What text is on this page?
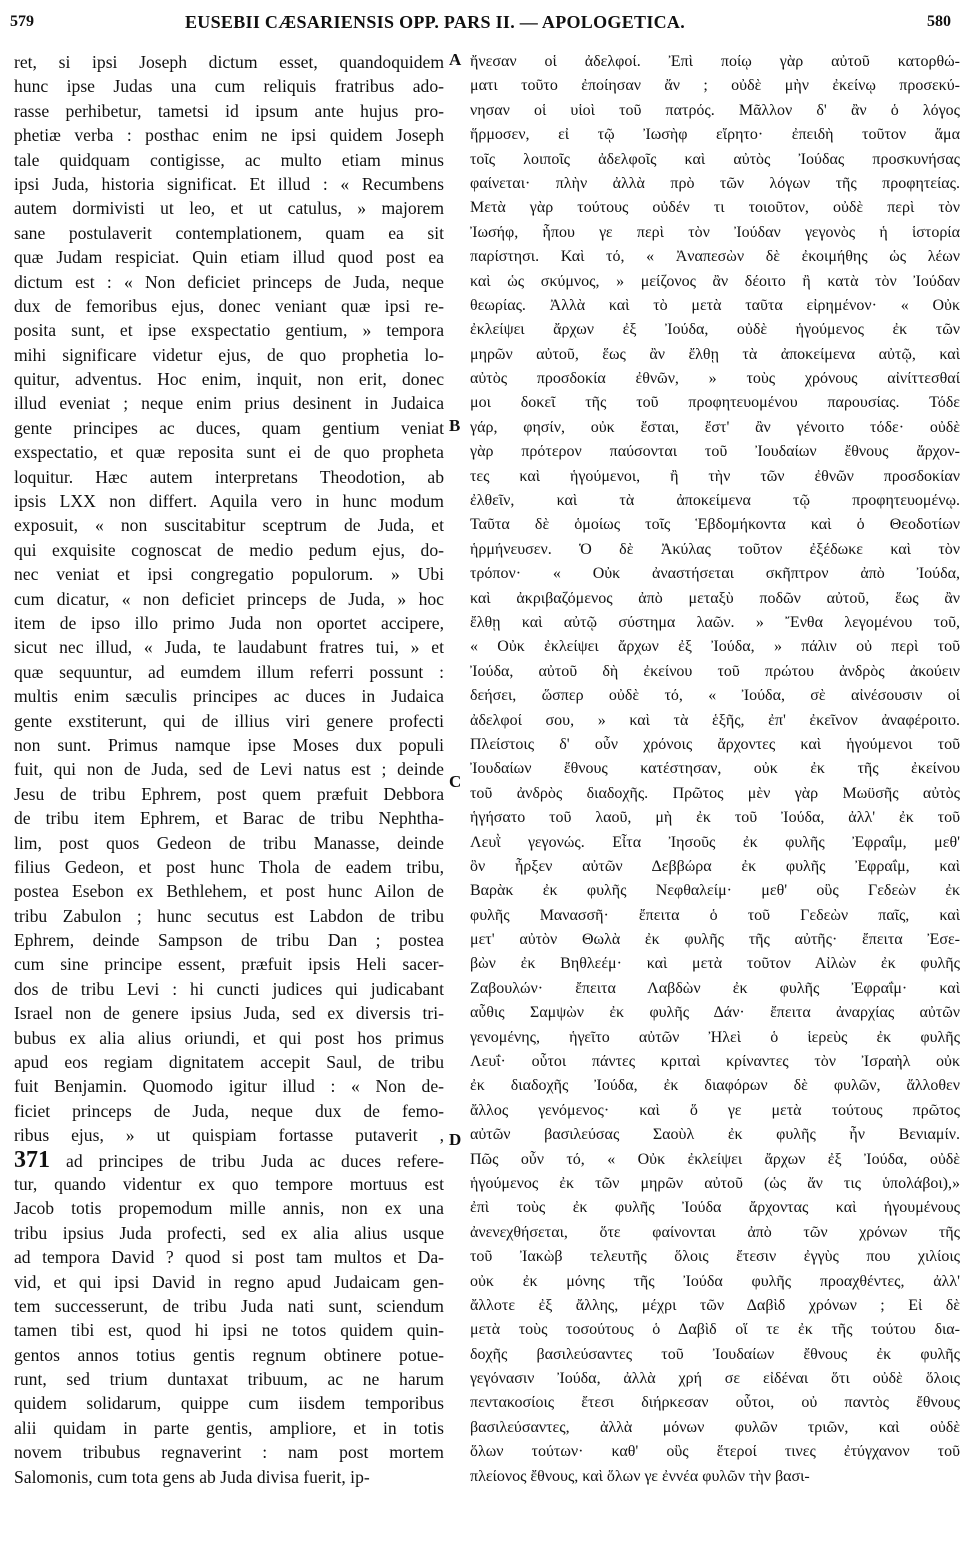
579	EUSEBII CÆSARIENSIS OPP. PARS II. — APOLOGETICA.	580
A
B
C
D
ret, si ipsi Joseph dictum esset, quandoquidem
hunc ipse Judas una cum reliquis fratribus ado-
rasse perhibetur, tametsi id ipsum ante hujus pro-
phetiæ verba : posthac enim ne ipsi quidem Joseph
tale quidquam contigisse, ac multo etiam minus
ipsi Juda, historia significat. Et illud : « Recumbens
autem dormivisti ut leo, et ut catulus, » majorem
sane postulaverit contemplationem, quam ea sit
quæ Judam respiciat. Quin etiam illud quod post ea
dictum est : « Non deficiet princeps de Juda, neque
dux de femoribus ejus, donec veniant quæ ipsi re-
posita sunt, et ipse exspectatio gentium, » tempora
mihi significare videtur ejus, de quo prophetia lo-
quitur, adventus. Hoc enim, inquit, non erit, donec
illud eveniat ; neque enim prius desinent in Judaica
gente principes ac duces, quam gentium veniat
exspectatio, et quæ reposita sunt ei de quo propheta
loquitur. Hæc autem interpretans Theodotion, ab
ipsis LXX non differt. Aquila vero in hunc modum
exposuit, « non suscitabitur sceptrum de Juda, et
qui exquisite cognoscat de medio pedum ejus, do-
nec veniat et ipsi congregatio populorum. » Ubi
cum dicatur, « non deficiet princeps de Juda, » hoc
item de ipso illo primo Juda non oportet accipere,
sicut nec illud, « Juda, te laudabunt fratres tui, » et
quæ sequuntur, ad eumdem illum referri possunt :
multis enim sæculis principes ac duces in Judaica
gente exstiterunt, qui de illius viri genere profecti
non sunt. Primus namque ipse Moses dux populi
fuit, qui non de Juda, sed de Levi natus est ; deinde
Jesu de tribu Ephrem, post quem præfuit Debbora
de tribu item Ephrem, et Barac de tribu Nephtha-
lim, post quos Gedeon de tribu Manasse, deinde
filius Gedeon, et post hunc Thola de eadem tribu,
postea Esebon ex Bethlehem, et post hunc Ailon de
tribu Zabulon ; hunc secutus est Labdon de tribu
Ephrem, deinde Sampson de tribu Dan ; postea
cum sine principe essent, præfuit ipsis Heli sacer-
dos de tribu Levi : hi cuncti judices qui judicabant
Israel non de genere ipsius Juda, sed ex diversis tri-
bubus ex alia alius oriundi, et qui post hos primus
apud eos regiam dignitatem accepit Saul, de tribu
fuit Benjamin. Quomodo igitur illud : « Non de-
ficiet princeps de Juda, neque dux de femo-
ribus ejus, » ut quispiam fortasse putaverit ,
371 ad principes de tribu Juda ac duces refere-
tur, quando videntur ex quo tempore mortuus est
Jacob totis propemodum mille annis, non ex una
tribu ipsius Juda profecti, sed ex alia alius usque
ad tempora David ? quod si post tam multos et Da-
vid, et qui ipsi David in regno apud Judaicam gen-
tem successerunt, de tribu Juda nati sunt, sciendum
tamen tibi est, quod hi ipsi ne totos quidem quin-
gentos annos totius gentis regnum obtinere potue-
runt, sed trium duntaxat tribuum, ac ne harum
quidem solidarum, quippe cum iisdem temporibus
alii quidam in parte gentis, ampliore, et in totis
novem tribubus regnaverint : nam post mortem
Salomonis, cum tota gens ab Juda divisa fuerit, ip-
ἤνεσαν οἱ ἀδελφοί. Ἐπὶ ποίῳ γὰρ αὐτοῦ κατορθώ-
ματι τοῦτο ἐποίησαν ἄν ; οὐδὲ μὴν ἐκείνῳ προσεκύ-
νησαν οἱ υἱοὶ τοῦ πατρός. Μᾶλλον δ' ἂν ὁ λόγος
ἥρμοσεν, εἰ τῷ Ἰωσὴφ εἴρητο· ἐπειδὴ τοῦτον ἅμα
τοῖς λοιποῖς ἀδελφοῖς καὶ αὐτὸς Ἰούδας προσκυνήσας
φαίνεται· πλὴν ἀλλὰ πρὸ τῶν λόγων τῆς προφητείας.
Μετὰ γὰρ τούτους οὐδέν τι τοιοῦτον, οὐδὲ περὶ τὸν
Ἰωσήφ, ἧπου γε περὶ τὸν Ἰούδαν γεγονὸς ἡ ἱστορία
παρίστησι. Καὶ τό, « Ἀναπεσὼν δὲ ἐκοιμήθης ὡς λέων
καὶ ὡς σκύμνος, » μείζονος ἂν δέοιτο ἢ κατὰ τὸν Ἰούδαν
θεωρίας. Ἀλλὰ καὶ τὸ μετὰ ταῦτα εἰρημένον· « Οὐκ
ἐκλείψει ἄρχων ἐξ Ἰούδα, οὐδὲ ἡγούμενος ἐκ τῶν
μηρῶν αὐτοῦ, ἕως ἂν ἔλθῃ τὰ ἀποκείμενα αὐτῷ, καὶ
αὐτὸς προσδοκία ἐθνῶν, » τοὺς χρόνους αἰνίττεσθαί
μοι δοκεῖ τῆς τοῦ προφητευομένου παρουσίας. Τόδε
γάρ, φησίν, οὐκ ἔσται, ἔστ' ἂν γένοιτο τόδε· οὐδὲ
γὰρ πρότερον παύσονται τοῦ Ἰουδαίων ἔθνους ἄρχον-
τες καὶ ἡγούμενοι, ἢ τὴν τῶν ἐθνῶν προσδοκίαν
ἐλθεῖν, καὶ τὰ ἀποκείμενα τῷ προφητευομένῳ.
Ταῦτα δὲ ὁμοίως τοῖς Ἑβδομήκοντα καὶ ὁ Θεοδοτίων
ἡρμήνευσεν. Ὁ δὲ Ἀκύλας τοῦτον ἐξέδωκε καὶ τὸν
τρόπον· « Οὐκ ἀναστήσεται σκῆπτρον ἀπὸ Ἰούδα,
καὶ ἀκριβαζόμενος ἀπὸ μεταξὺ ποδῶν αὐτοῦ, ἕως ἂν
ἔλθῃ καὶ αὐτῷ σύστημα λαῶν. » Ἔνθα λεγομένου τοῦ,
« Οὐκ ἐκλείψει ἄρχων ἐξ Ἰούδα, » πάλιν οὐ περὶ τοῦ
Ἰούδα, αὐτοῦ δὴ ἐκείνου τοῦ πρώτου ἀνδρὸς ἀκούειν
δεήσει, ὥσπερ οὐδὲ τό, « Ἰούδα, σὲ αἰνέσουσιν οἱ
ἀδελφοί σου, » καὶ τὰ ἑξῆς, ἐπ' ἐκεῖνον ἀναφέροιτο.
Πλείστοις δ' οὖν χρόνοις ἄρχοντες καὶ ἡγούμενοι τοῦ
Ἰουδαίων ἔθνους κατέστησαν, οὐκ ἐκ τῆς ἐκείνου
τοῦ ἀνδρὸς διαδοχῆς. Πρῶτος μὲν γὰρ Μωϋσῆς αὐτὸς
ἡγήσατο τοῦ λαοῦ, μὴ ἐκ τοῦ Ἰούδα, ἀλλ' ἐκ τοῦ
Λευῒ γεγονώς. Εἶτα Ἰησοῦς ἐκ φυλῆς Ἐφραΐμ, μεθ'
ὃν ἦρξεν αὐτῶν Δεββώρα ἐκ φυλῆς Ἐφραΐμ, καὶ
Βαρὰκ ἐκ φυλῆς Νεφθαλείμ· μεθ' οὓς Γεδεὼν ἐκ
φυλῆς Μανασσῆ· ἔπειτα ὁ τοῦ Γεδεὼν παῖς, καὶ
μετ' αὐτὸν Θωλὰ ἐκ φυλῆς τῆς αὐτῆς· ἔπειτα Ἐσε-
βὼν ἐκ Βηθλεέμ· καὶ μετὰ τοῦτον Αἰλὼν ἐκ φυλῆς
Ζαβουλών· ἔπειτα Λαβδὼν ἐκ φυλῆς Ἐφραΐμ· καὶ
αὖθις Σαμψὼν ἐκ φυλῆς Δάν· ἔπειτα ἀναρχίας αὐτῶν
γενομένης, ἡγεῖτο αὐτῶν Ἠλεὶ ὁ ἱερεὺς ἐκ φυλῆς
Λευΐ· οὗτοι πάντες κριταὶ κρίναντες τὸν Ἰσραὴλ οὐκ
ἐκ διαδοχῆς Ἰούδα, ἐκ διαφόρων δὲ φυλῶν, ἄλλοθεν
ἄλλος γενόμενος· καὶ ὅ γε μετὰ τούτους πρῶτος
αὐτῶν βασιλεύσας Σαοὺλ ἐκ φυλῆς ἦν Βενιαμίν.
Πῶς οὖν τό, « Οὐκ ἐκλείψει ἄρχων ἐξ Ἰούδα, οὐδὲ
ἡγούμενος ἐκ τῶν μηρῶν αὐτοῦ (ὡς ἄν τις ὑπολάβοι),»
ἐπὶ τοὺς ἐκ φυλῆς Ἰούδα ἄρχοντας καὶ ἡγουμένους
ἀνενεχθήσεται, ὅτε φαίνονται ἀπὸ τῶν χρόνων τῆς
τοῦ Ἰακὼβ τελευτῆς ὅλοις ἔτεσιν ἐγγὺς που χιλίοις
οὐκ ἐκ μόνης τῆς Ἰούδα φυλῆς προαχθέντες, ἀλλ'
ἄλλοτε ἐξ ἄλλης, μέχρι τῶν Δαβὶδ χρόνων ; Εἰ δὲ
μετὰ τοὺς τοσούτους ὁ Δαβὶδ οἵ τε ἐκ τῆς τούτου δια-
δοχῆς βασιλεύσαντες τοῦ Ἰουδαίων ἔθνους ἐκ φυλῆς
γεγόνασιν Ἰούδα, ἀλλὰ χρή σε εἰδέναι ὅτι οὐδὲ ὅλοις
πεντακοσίοις ἔτεσι διήρκεσαν οὗτοι, οὐ παντὸς ἔθνους
βασιλεύσαντες, ἀλλὰ μόνων φυλῶν τριῶν, καὶ οὐδὲ
ὅλων τούτων· καθ' οὓς ἕτεροί τινες ἐτύγχανον τοῦ
πλείονος ἔθνους, καὶ ὅλων γε ἐννέα φυλῶν τὴν βασι-
